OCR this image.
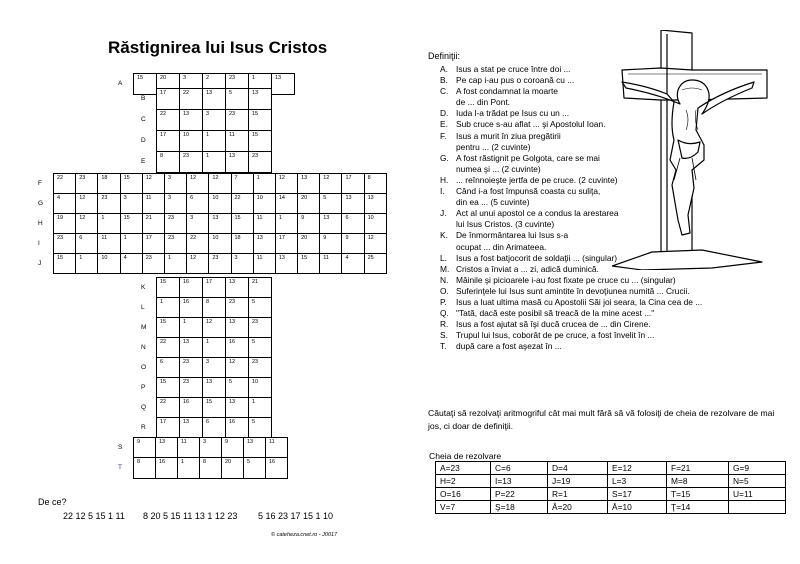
Răstignirea lui Isus Cristos
15	20	3	2	23	1	13
A
17	22	13	5	13
B
22	13	3	23	15
C
17	10	1	11	15
D
8	23	1	13	23
E
22	23	18	15	12	3	12	12	7	1	12	13	12	17	8
F
4	12	23	3	11	3	6	10	22	10	14	20	5	13	13
G
19	12	1	15	21	23	3	13	15	11	1	9	13	6	10
H
23	6	11	1	17	23	22	10	18	13	17	20	9	9	12
I
15	1	10	4	23	1	12	23	3	11	13	15	11	4	25
J
15	16	17	13	21
K
1	16	8	23	5
L
15	1	12	13	23
M
22	13	1	16	5
N
6	23	3	12	23
O
15	23	13	5	10
P
22	16	15	13	1
Q
17	13	6	16	5
R
9	13	11	3	9	13	11
S
8	16	1	8	20	5	16
T
De ce?
22 12 5 15 1 11 8 20 5 15 11 13 1 12 23 5 16 23 17 15 1 10
© cateheza.cnet.ro - J0017
Definiţii:
A. Isus a stat pe cruce între doi ...
B. Pe cap i-au pus o coroană cu ...
C. A fost condamnat la moarte
de ... din Pont.
D. Iuda l-a trădat pe Isus cu un ...
E. Sub cruce s-au aflat ... şi Apostolul Ioan.
F.	Isus a murit în ziua pregătirii
pentru ... (2 cuvinte)
G. A fost răstignit pe Golgota, care se mai
numea şi ... (2 cuvinte)
H. ... reînnoieşte jertfa de pe cruce. (2 cuvinte)
I.	Când i-a fost împunsă coasta cu suliţa,
din ea ... (5 cuvinte)
J.	Act al unui apostol ce a condus la arestarea
lui Isus Cristos. (3 cuvinte)
K. De înmormântarea lui Isus s-a
ocupat ... din Arimateea.
L.	Isus a fost batjocorit de soldaţii ... (singular)
M. Cristos a înviat a ... zi, adică duminică.
N. Mâinile şi picioarele i-au fost fixate pe cruce cu ... (singular)
O. Suferinţele lui Isus sunt amintite în devoţiunea numită ... Crucii.
P.	Isus a luat ultima masă cu Apostolii Săi joi seara, la Cina cea de ...
Q. "Tată, dacă este posibil să treacă de la mine acest ..."
R. Isus a fost ajutat să îşi ducă crucea de ... din Cirene.
S. Trupul lui Isus, coborât de pe cruce, a fost învelit în ...
T.	după care a fost aşezat în ...
Căutaţi să rezolvaţi aritmogriful cât mai mult fără să vă folosiţi de cheia de rezolvare de mai jos, ci doar de definiţii.
Cheia de rezolvare
A=23	C=6	D=4	E=12	F=21	G=9
H=2	I=13	J=19	L=3	M=8	N=5
O=16	P=22	R=1	S=17	T=15	U=11
V=7	Ş=18	Â=20	Ă=10	Ţ=14	
